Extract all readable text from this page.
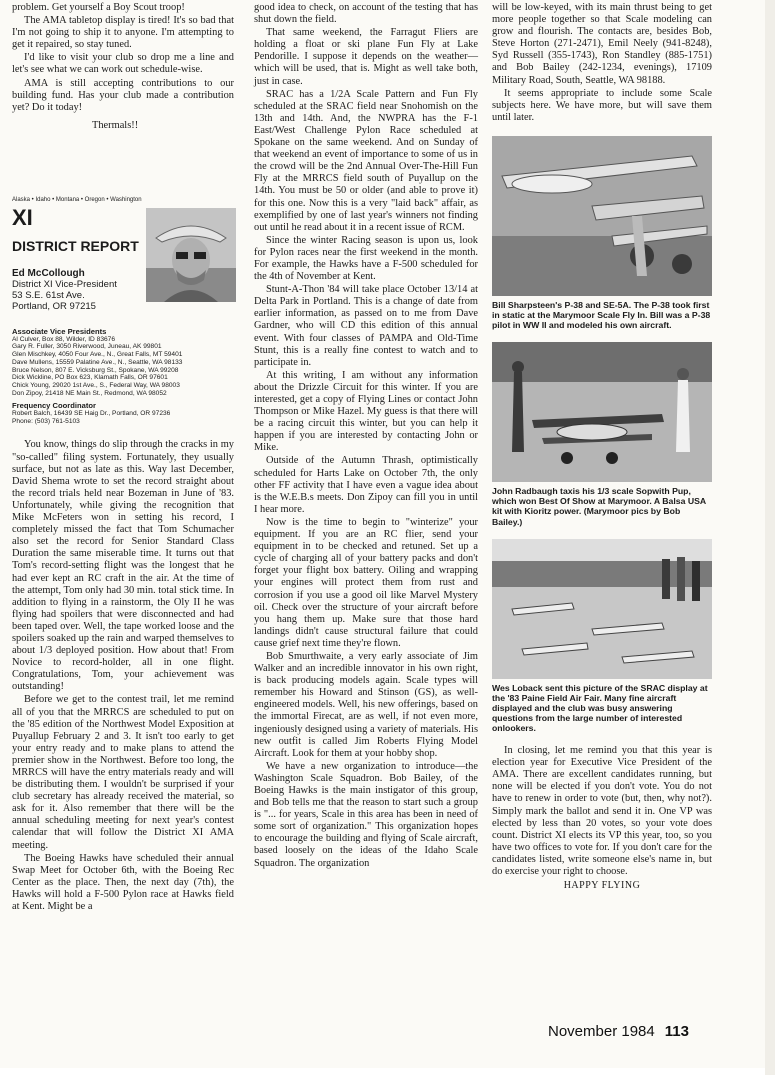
problem. Get yourself a Boy Scout troop!

The AMA tabletop display is tired! It's so bad that I'm not going to ship it to anyone. I'm attempting to get it repaired, so stay tuned.

I'd like to visit your club so drop me a line and let's see what we can work out schedule-wise.

AMA is still accepting contributions to our building fund. Has your club made a contribution yet? Do it today!

Thermals!!

Alaska • Idaho • Montana • Oregon • Washington
XI
DISTRICT REPORT
Ed McCollough
District XI Vice-President
53 S.E. 61st Ave.
Portland, OR 97215
Associate Vice Presidents
Al Culver, Box 88, Wilder, ID 83676
Gary R. Fuller, 3050 Riverwood, Juneau, AK 99801
Glen Mischkey, 4050 Four Ave., N., Great Falls, MT 59401
Dave Mullens, 15559 Palatine Ave., N., Seattle, WA 98133
Bruce Nelson, 807 E. Vicksburg St., Spokane, WA 99208
Dick Wickline, PO Box 623, Klamath Falls, OR 97601
Chick Young, 29020 1st Ave., S., Federal Way, WA 98003
Don Zipoy, 21418 NE Main St., Redmond, WA 98052
Frequency Coordinator
Robert Balch, 16439 SE Haig Dr., Portland, OR 97236
Phone: (503) 761-5103

You know, things do slip through the cracks in my "so-called" filing system. Fortunately, they usually surface, but not as late as this. Way last December, David Shema wrote to set the record straight about the record trials held near Bozeman in June of '83. Unfortunately, while giving the recognition that Mike McFeters won in setting his record, I completely missed the fact that Tom Schumacher also set the record for Senior Standard Class Duration the same miserable time. It turns out that Tom's record-setting flight was the longest that he had ever kept an RC craft in the air. At the time of the attempt, Tom only had 30 min. total stick time. In addition to flying in a rainstorm, the Oly II he was flying had spoilers that were disconnected and had been taped over. Well, the tape worked loose and the spoilers soaked up the rain and warped themselves to about 1/3 deployed position. How about that! From Novice to record-holder, all in one flight. Congratulations, Tom, your achievement was outstanding!

Before we get to the contest trail, let me remind all of you that the MRRCS are scheduled to put on the '85 edition of the Northwest Model Exposition at Puyallup February 2 and 3. It isn't too early to get your entry ready and to make plans to attend the premier show in the Northwest. Before too long, the MRRCS will have the entry materials ready and will be distributing them. I wouldn't be surprised if your club secretary has already received the material, so ask for it. Also remember that there will be the annual scheduling meeting for next year's contest calendar that will follow the District XI AMA meeting.

The Boeing Hawks have scheduled their annual Swap Meet for October 6th, with the Boeing Rec Center as the place. Then, the next day (7th), the Hawks will hold a F-500 Pylon race at Hawks field at Kent. Might be a

good idea to check, on account of the testing that has shut down the field.

That same weekend, the Farragut Fliers are holding a float or ski plane Fun Fly at Lake Pendorille. I suppose it depends on the weather—which will be used, that is. Might as well take both, just in case.

SRAC has a 1/2A Scale Pattern and Fun Fly scheduled at the SRAC field near Snohomish on the 13th and 14th. And, the NWPRA has the F-1 East/West Challenge Pylon Race scheduled at Spokane on the same weekend. And on Sunday of that weekend an event of importance to some of us in the crowd will be the 2nd Annual Over-The-Hill Fun Fly at the MRRCS field south of Puyallup on the 14th. You must be 50 or older (and able to prove it) for this one. Now this is a very "laid back" affair, as exemplified by one of last year's winners not finding out until he read about it in a recent issue of RCM.

Since the winter Racing season is upon us, look for Pylon races near the first weekend in the month. For example, the Hawks have a F-500 scheduled for the 4th of November at Kent.

Stunt-A-Thon '84 will take place October 13/14 at Delta Park in Portland. This is a change of date from earlier information, as passed on to me from Dave Gardner, who will CD this edition of this annual event. With four classes of PAMPA and Old-Time Stunt, this is a really fine contest to watch and to participate in.

At this writing, I am without any information about the Drizzle Circuit for this winter. If you are interested, get a copy of Flying Lines or contact John Thompson or Mike Hazel. My guess is that there will be a racing circuit this winter, but you can help it happen if you are interested by contacting John or Mike.

Outside of the Autumn Thrash, optimistically scheduled for Harts Lake on October 7th, the only other FF activity that I have even a vague idea about is the W.E.B.s meets. Don Zipoy can fill you in until I hear more.

Now is the time to begin to "winterize" your equipment. If you are an RC flier, send your equipment in to be checked and retuned. Set up a cycle of charging all of your battery packs and don't forget your flight box battery. Oiling and wrapping your engines will protect them from rust and corrosion if you use a good oil like Marvel Mystery oil. Check over the structure of your aircraft before you hang them up. Make sure that those hard landings didn't cause structural failure that could cause grief next time they're flown.

Bob Smurthwaite, a very early associate of Jim Walker and an incredible innovator in his own right, is back producing models again. Scale types will remember his Howard and Stinson (GS), as well-engineered models. Well, his new offerings, based on the immortal Firecat, are as well, if not even more, ingeniously designed using a variety of materials. His new outfit is called Jim Roberts Flying Model Aircraft. Look for them at your hobby shop.

We have a new organization to introduce—the Washington Scale Squadron. Bob Bailey, of the Boeing Hawks is the main instigator of this group, and Bob tells me that the reason to start such a group is "... for years, Scale in this area has been in need of some sort of organization." This organization hopes to encourage the building and flying of Scale aircraft, based loosely on the ideas of the Idaho Scale Squadron. The organization

will be low-keyed, with its main thrust being to get more people together so that Scale modeling can grow and flourish. The contacts are, besides Bob, Steve Horton (271-2471), Emil Neely (941-8248), Syd Russell (355-1743), Ron Standley (885-1751) and Bob Bailey (242-1234, evenings), 17109 Military Road, South, Seattle, WA 98188.

It seems appropriate to include some Scale subjects here. We have more, but will save them until later.

Bill Sharpsteen's P-38 and SE-5A. The P-38 took first in static at the Marymoor Scale Fly In. Bill was a P-38 pilot in WW II and modeled his own aircraft.
John Radbaugh taxis his 1/3 scale Sopwith Pup, which won Best Of Show at Marymoor. A Balsa USA kit with Kioritz power. (Marymoor pics by Bob Bailey.)
Wes Loback sent this picture of the SRAC display at the '83 Paine Field Air Fair. Many fine aircraft displayed and the club was busy answering questions from the large number of interested onlookers.

In closing, let me remind you that this year is election year for Executive Vice President of the AMA. There are excellent candidates running, but none will be elected if you don't vote. You do not have to renew in order to vote (but, then, why not?). Simply mark the ballot and send it in. One VP was elected by less than 20 votes, so your vote does count. District XI elects its VP this year, too, so you have two offices to vote for. If you don't care for the candidates listed, write someone else's name in, but do exercise your right to choose.

HAPPY FLYING
November 1984 113
